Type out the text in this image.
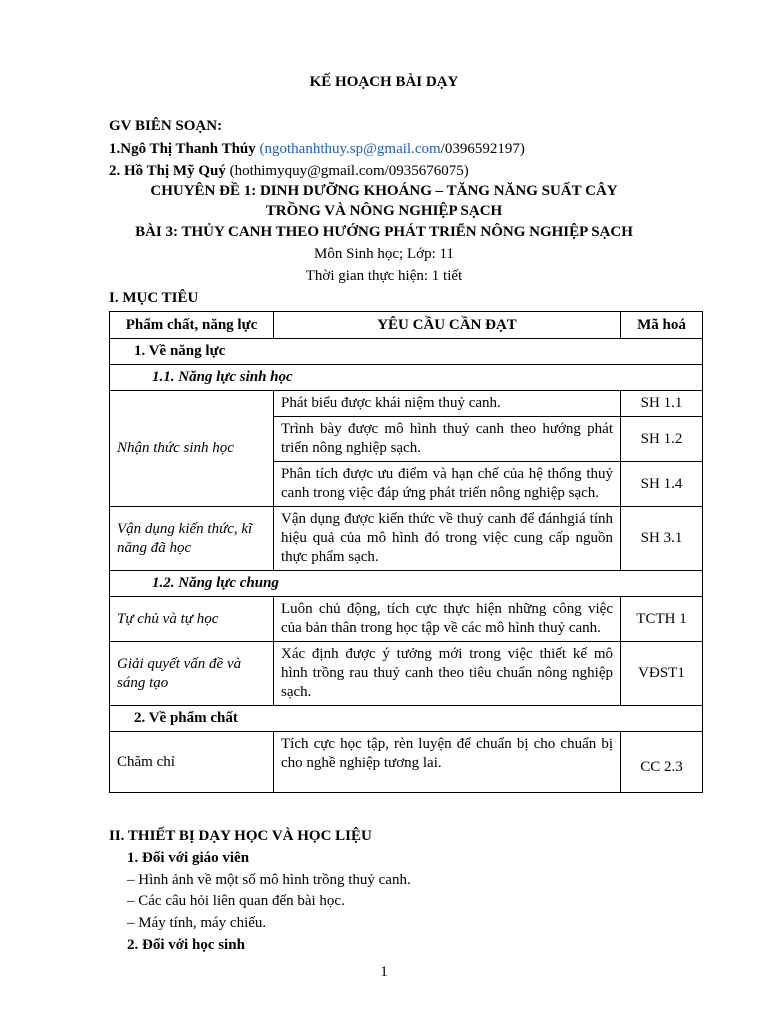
KẾ HOẠCH BÀI DẠY
GV BIÊN SOẠN:
1.Ngô Thị Thanh Thúy (ngothanhthuy.sp@gmail.com/0396592197)
2. Hồ Thị Mỹ Quý (hothimyquy@gmail.com/0935676075)
CHUYÊN ĐỀ 1: DINH DƯỠNG KHOÁNG – TĂNG NĂNG SUẤT CÂY
TRỒNG VÀ NÔNG NGHIỆP SẠCH
BÀI 3: THỦY CANH THEO HƯỚNG PHÁT TRIỂN NÔNG NGHIỆP SẠCH
Môn Sinh học; Lớp: 11
Thời gian thực hiện: 1 tiết
I. MỤC TIÊU
Phẩm chất, năng lực	YÊU CẦU CẦN ĐẠT	Mã hoá
1. Về năng lực		
1.1. Năng lực sinh học		
Nhận thức sinh học	Phát biểu được khái niệm thuỷ canh.	SH 1.1
	Trình bày được mô hình thuỷ canh theo hướng phát triển nông nghiệp sạch.	SH 1.2
	Phân tích được ưu điểm và hạn chế của hệ thống thuỷ canh trong việc đáp ứng phát triển nông nghiệp sạch.	SH 1.4
Vận dụng kiến thức, kĩ năng đã học	Vận dụng được kiến thức về thuỷ canh để đánhgiá tính hiệu quả của mô hình đó trong việc cung cấp nguồn thực phẩm sạch.	SH 3.1
1.2. Năng lực chung		
Tự chủ và tự học	Luôn chủ động, tích cực thực hiện những công việc của bản thân trong học tập về các mô hình thuỷ canh.	TCTH 1
Giải quyết vấn đề và sáng tạo	Xác định được ý tưởng mới trong việc thiết kế mô hình trồng rau thuỷ canh theo tiêu chuẩn nông nghiệp sạch.	VĐST1
2. Về phẩm chất		
Chăm chỉ	Tích cực học tập, rèn luyện để chuẩn bị cho chuẩn bị cho nghề nghiệp tương lai.	CC 2.3
II. THIẾT BỊ DẠY HỌC VÀ HỌC LIỆU
1. Đối với giáo viên
– Hình ảnh về một số mô hình trồng thuỷ canh.
– Các câu hỏi liên quan đến bài học.
– Máy tính, máy chiếu.
2. Đối với học sinh
1
